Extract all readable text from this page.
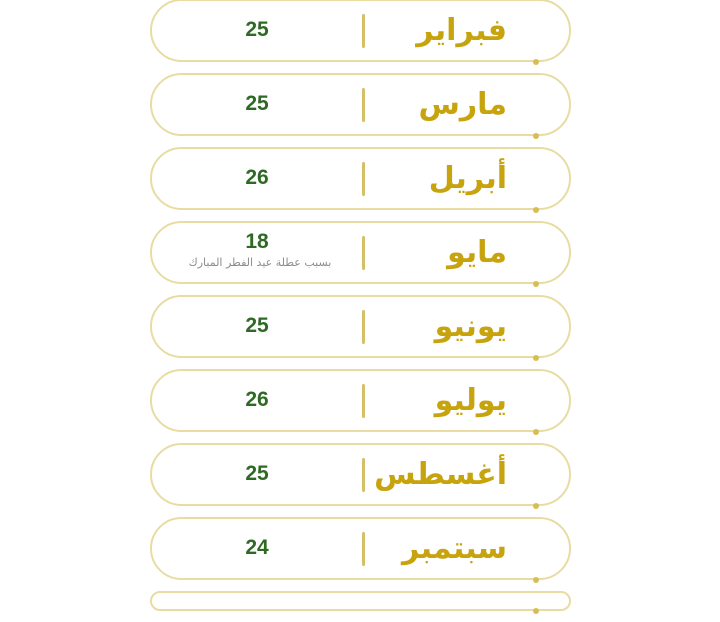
فبراير
25
مارس
25
أبريل
26
مايو
18
بسبب عطلة عيد الفطر المبارك
يونيو
25
يوليو
26
أغسطس
25
سبتمبر
24
